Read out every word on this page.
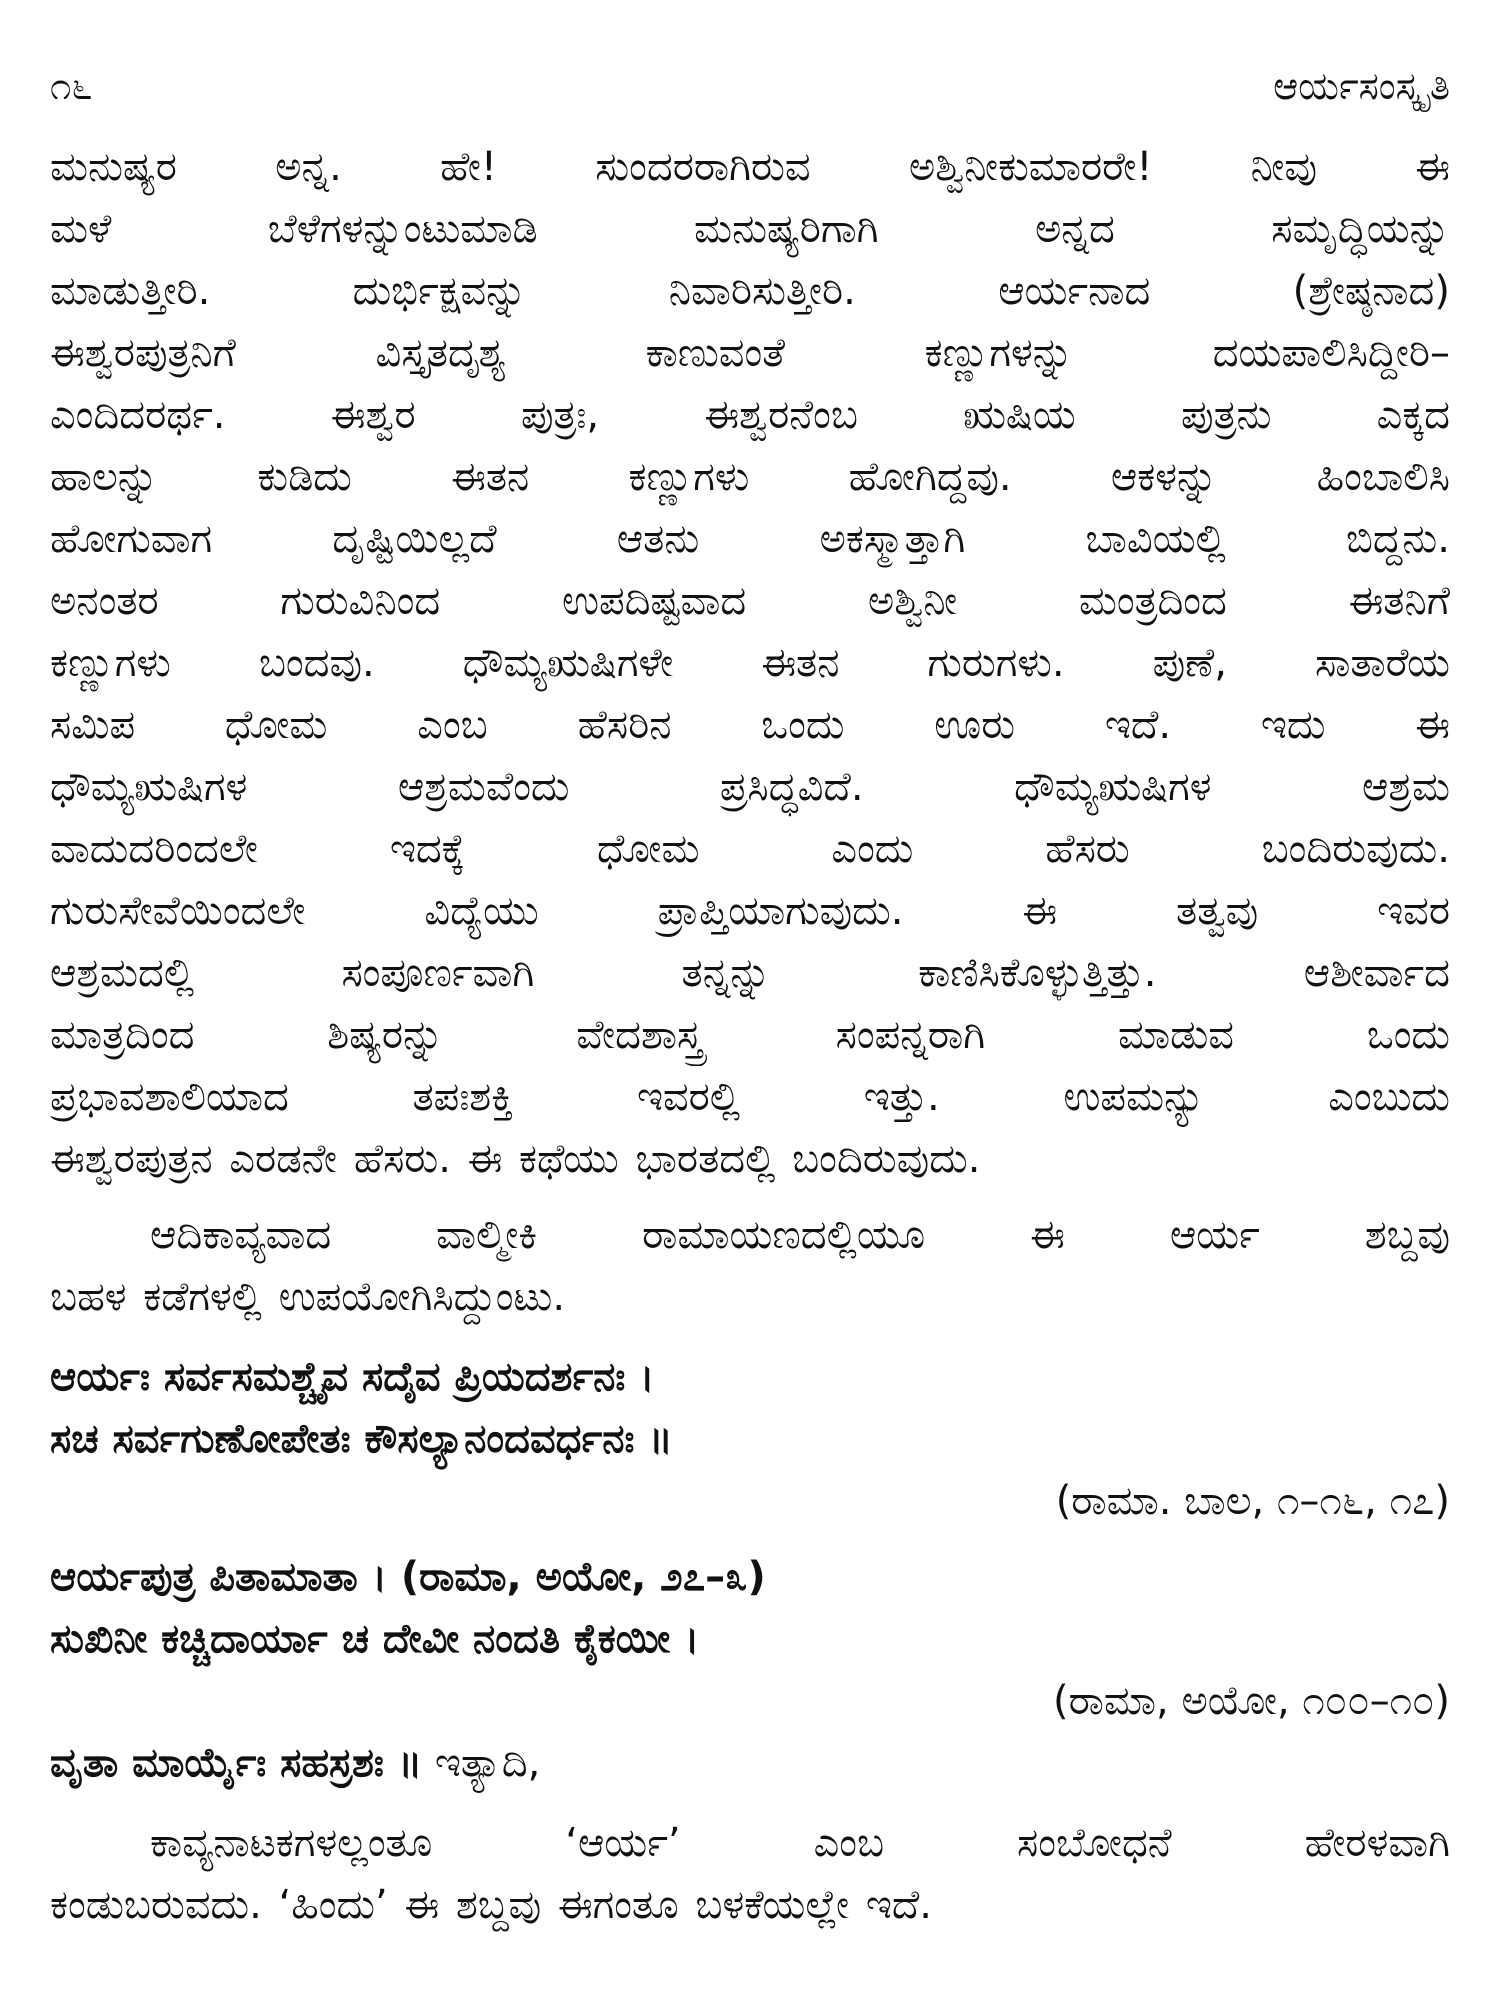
೧೬	ಆರ್ಯಸಂಸ್ಕೃತಿ
ಮನುಷ್ಯರ ಅನ್ನ. ಹೇ! ಸುಂದರರಾಗಿರುವ ಅಶ್ವಿನೀಕುಮಾರರೇ! ನೀವು ಈ
ಮಳೆ ಬೆಳೆಗಳನ್ನುಂಟುಮಾಡಿ ಮನುಷ್ಯರಿಗಾಗಿ ಅನ್ನದ ಸಮೃದ್ಧಿಯನ್ನು
ಮಾಡುತ್ತೀರಿ. ದುರ್ಭಿಕ್ಷವನ್ನು ನಿವಾರಿಸುತ್ತೀರಿ. ಆರ್ಯನಾದ (ಶ್ರೇಷ್ಠನಾದ)
ಈಶ್ವರಪುತ್ರನಿಗೆ ವಿಸ್ತೃತದೃಶ್ಯ ಕಾಣುವಂತೆ ಕಣ್ಣುಗಳನ್ನು ದಯಪಾಲಿಸಿದ್ದೀರಿ–
ಎಂದಿದರರ್ಥ. ಈಶ್ವರ ಪುತ್ರಃ, ಈಶ್ವರನೆಂಬ ಋಷಿಯ ಪುತ್ರನು ಎಕ್ಕದ
ಹಾಲನ್ನು ಕುಡಿದು ಈತನ ಕಣ್ಣುಗಳು ಹೋಗಿದ್ದವು. ಆಕಳನ್ನು ಹಿಂಬಾಲಿಸಿ
ಹೋಗುವಾಗ ದೃಷ್ಟಿಯಿಲ್ಲದೆ ಆತನು ಅಕಸ್ಮಾತ್ತಾಗಿ ಬಾವಿಯಲ್ಲಿ ಬಿದ್ದನು.
ಅನಂತರ ಗುರುವಿನಿಂದ ಉಪದಿಷ್ಟವಾದ ಅಶ್ವಿನೀ ಮಂತ್ರದಿಂದ ಈತನಿಗೆ
ಕಣ್ಣುಗಳು ಬಂದವು. ಧೌಮ್ಯಋಷಿಗಳೇ ಈತನ ಗುರುಗಳು. ಪುಣೆ, ಸಾತಾರೆಯ
ಸಮಿಪ ಧೋಮ ಎಂಬ ಹೆಸರಿನ ಒಂದು ಊರು ಇದೆ. ಇದು ಈ
ಧೌಮ್ಯಋಷಿಗಳ ಆಶ್ರಮವೆಂದು ಪ್ರಸಿದ್ಧವಿದೆ. ಧೌಮ್ಯಋಷಿಗಳ ಆಶ್ರಮ
ವಾದುದರಿಂದಲೇ ಇದಕ್ಕೆ ಧೋಮ ಎಂದು ಹೆಸರು ಬಂದಿರುವುದು.
ಗುರುಸೇವೆಯಿಂದಲೇ ವಿದ್ಯೆಯು ಪ್ರಾಪ್ತಿಯಾಗುವುದು. ಈ ತತ್ವವು ಇವರ
ಆಶ್ರಮದಲ್ಲಿ ಸಂಪೂರ್ಣವಾಗಿ ತನ್ನನ್ನು ಕಾಣಿಸಿಕೊಳ್ಳುತ್ತಿತ್ತು. ಆಶೀರ್ವಾದ
ಮಾತ್ರದಿಂದ ಶಿಷ್ಯರನ್ನು ವೇದಶಾಸ್ತ್ರ ಸಂಪನ್ನರಾಗಿ ಮಾಡುವ ಒಂದು
ಪ್ರಭಾವಶಾಲಿಯಾದ ತಪಃಶಕ್ತಿ ಇವರಲ್ಲಿ ಇತ್ತು. ಉಪಮನ್ಯು ಎಂಬುದು
ಈಶ್ವರಪುತ್ರನ ಎರಡನೇ ಹೆಸರು. ಈ ಕಥೆಯು ಭಾರತದಲ್ಲಿ ಬಂದಿರುವುದು.
ಆದಿಕಾವ್ಯವಾದ ವಾಲ್ಮೀಕಿ ರಾಮಾಯಣದಲ್ಲಿಯೂ ಈ ಆರ್ಯ ಶಬ್ದವು
ಬಹಳ ಕಡೆಗಳಲ್ಲಿ ಉಪಯೋಗಿಸಿದ್ದುಂಟು.
ಆರ್ಯಃ ಸರ್ವಸಮಶ್ಚೈವ ಸದೈವ ಪ್ರಿಯದರ್ಶನಃ ।
ಸಚ ಸರ್ವಗುಣೋಪೇತಃ ಕೌಸಲ್ಯಾನಂದವರ್ಧನಃ ॥
(ರಾಮಾ. ಬಾಲ, ೧–೧೬, ೧೭)
ಆರ್ಯಪುತ್ರ ಪಿತಾಮಾತಾ । (ರಾಮಾ, ಅಯೋ, ೨೭–೩)
ಸುಖಿನೀ ಕಚ್ಚಿದಾರ್ಯಾ ಚ ದೇವೀ ನಂದತಿ ಕೈಕಯೀ ।
(ರಾಮಾ, ಅಯೋ, ೧೦೦–೧೦)
ವೃತಾ ಮಾರ್ಯೈಃ ಸಹಸ್ರಶಃ ॥ ಇತ್ಯಾದಿ,
ಕಾವ್ಯನಾಟಕಗಳಲ್ಲಂತೂ ‘ಆರ್ಯ’ ಎಂಬ ಸಂಬೋಧನೆ ಹೇರಳವಾಗಿ
ಕಂಡುಬರುವದು. ‘ಹಿಂದು’ ಈ ಶಬ್ದವು ಈಗಂತೂ ಬಳಕೆಯಲ್ಲೇ ಇದೆ.
